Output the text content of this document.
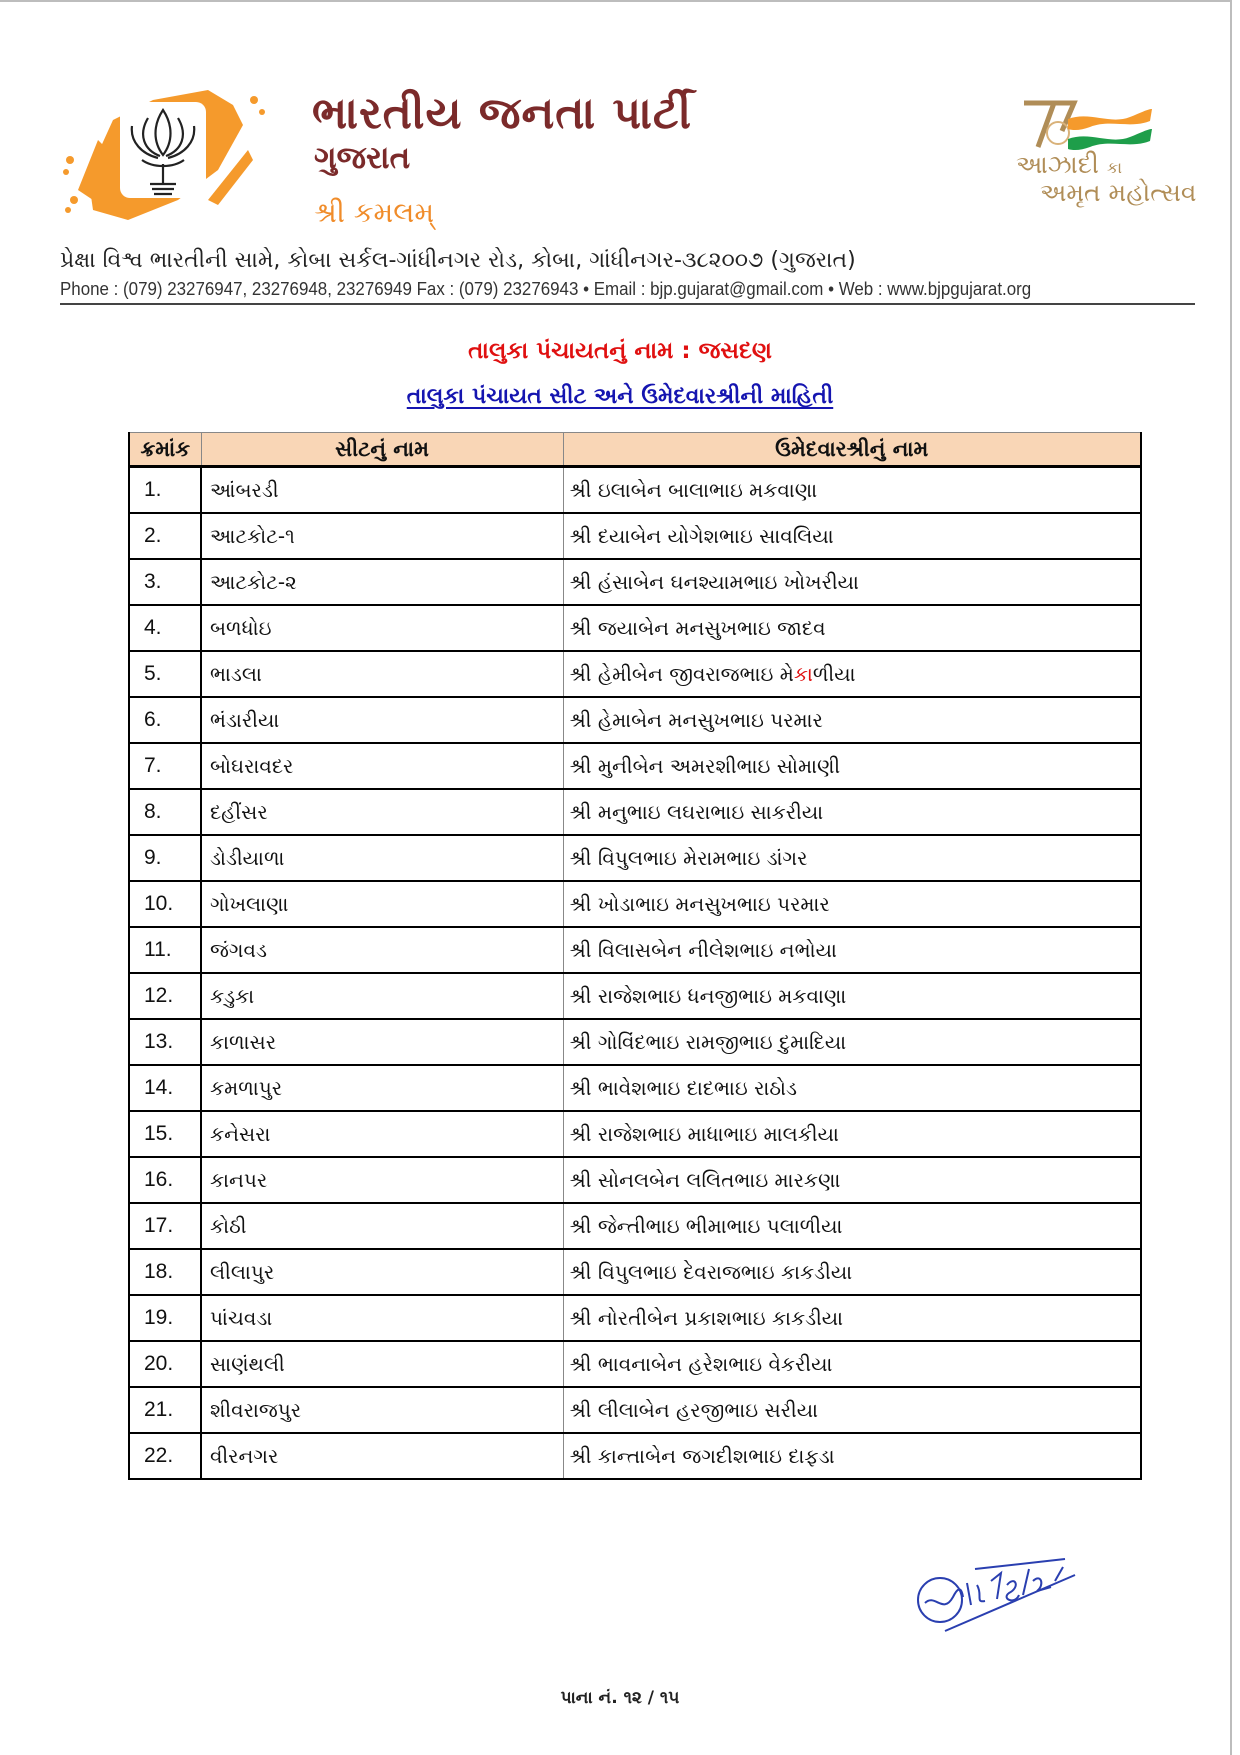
ભારતીય જનતા પાર્ટી
ગુજરાત
શ્રી કમલમ્
આઝાદી કા
અમૃત મહોત્સવ
પ્રેક્ષા વિશ્વ ભારતીની સામે, કોબા સર્કલ-ગાંધીનગર રોડ, કોબા, ગાંધીનગર-૩૮૨૦૦૭ (ગુજરાત)
Phone : (079) 23276947, 23276948, 23276949 Fax : (079) 23276943 • Email : bjp.gujarat@gmail.com • Web : www.bjpgujarat.org
તાલુકા પંચાયતનું નામ : જસદણ
તાલુકા પંચાયત સીટ અને ઉમેદવારશ્રીની માહિતી
ક્રમાંક	સીટનું નામ	ઉમેદવારશ્રીનું નામ
1.	આંબરડી	શ્રી ઇલાબેન બાલાભાઇ મકવાણા
2.	આટકોટ-૧	શ્રી દયાબેન યોગેશભાઇ સાવલિયા
3.	આટકોટ-૨	શ્રી હંસાબેન ઘનશ્યામભાઇ ખોખરીયા
4.	બળધોઇ	શ્રી જયાબેન મનસુખભાઇ જાદવ
5.	ભાડલા	શ્રી હેમીબેન જીવરાજભાઇ મેકાળીયા
6.	ભંડારીયા	શ્રી હેમાબેન મનસુખભાઇ પરમાર
7.	બોઘરાવદર	શ્રી મુનીબેન અમરશીભાઇ સોમાણી
8.	દહીંસર	શ્રી મનુભાઇ લઘરાભાઇ સાકરીયા
9.	ડોડીયાળા	શ્રી વિપુલભાઇ મેરામભાઇ ડાંગર
10.	ગોખલાણા	શ્રી ખોડાભાઇ મનસુખભાઇ પરમાર
11.	જંગવડ	શ્રી વિલાસબેન નીલેશભાઇ નભોયા
12.	કડુકા	શ્રી રાજેશભાઇ ધનજીભાઇ મકવાણા
13.	કાળાસર	શ્રી ગોવિંદભાઇ રામજીભાઇ દુમાદિયા
14.	કમળાપુર	શ્રી ભાવેશભાઇ દાદભાઇ રાઠોડ
15.	કનેસરા	શ્રી રાજેશભાઇ માધાભાઇ માલકીયા
16.	કાનપર	શ્રી સોનલબેન લલિતભાઇ મારકણા
17.	કોઠી	શ્રી જેન્તીભાઇ ભીમાભાઇ પલાળીયા
18.	લીલાપુર	શ્રી વિપુલભાઇ દેવરાજભાઇ કાકડીયા
19.	પાંચવડા	શ્રી નોરતીબેન પ્રકાશભાઇ કાકડીયા
20.	સાણંથલી	શ્રી ભાવનાબેન હરેશભાઇ વેકરીયા
21.	શીવરાજપુર	શ્રી લીલાબેન હરજીભાઇ સરીયા
22.	વીરનગર	શ્રી કાન્તાબેન જગદીશભાઇ દાફડા
પાના નં. ૧૨ / ૧૫
